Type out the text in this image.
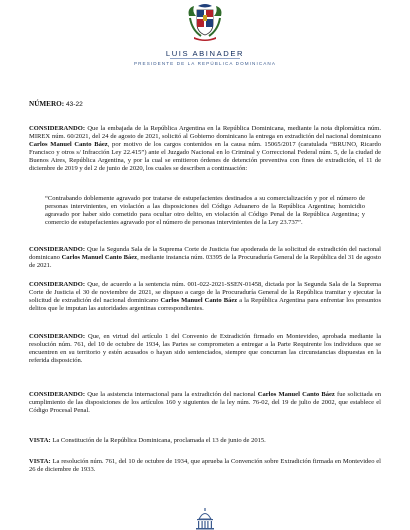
LUIS ABINADER
PRESIDENTE DE LA REPÚBLICA DOMINICANA
NÚMERO: 43-22

CONSIDERANDO: Que la embajada de la República Argentina en la República Dominicana, mediante la nota diplomática núm. MIREX núm. 60/2021, del 24 de agosto de 2021, solicitó al Gobierno dominicano la entrega en extradición del nacional dominicano Carlos Manuel Canto Báez, por motivo de los cargos contenidos en la causa núm. 15065/2017 (caratulada “BRUNO, Ricardo Francisco y otros s/ Infracción Ley 22.415”) ante el Juzgado Nacional en lo Criminal y Correccional Federal núm. 5, de la ciudad de Buenos Aires, República Argentina, y por la cual se emitieron órdenes de detención preventiva con fines de extradición, el 11 de diciembre de 2019 y del 2 de junio de 2020, los cuales se describen a continuación:

“Contrabando doblemente agravado por tratarse de estupefacientes destinados a su comercialización y por el número de personas intervinientes, en violación a las disposiciones del Código Aduanero de la República Argentina; homicidio agravado por haber sido cometido para ocultar otro delito, en violación al Código Penal de la República Argentina; y comercio de estupefacientes agravado por el número de personas intervinientes de la Ley 23.737”.

CONSIDERANDO: Que la Segunda Sala de la Suprema Corte de Justicia fue apoderada de la solicitud de extradición del nacional dominicano Carlos Manuel Canto Báez, mediante instancia núm. 03395 de la Procuraduría General de la República del 31 de agosto de 2021.

CONSIDERANDO: Que, de acuerdo a la sentencia núm. 001-022-2021-SSEN-01458, dictada por la Segunda Sala de la Suprema Corte de Justicia el 30 de noviembre de 2021, se dispuso a cargo de la Procuraduría General de la República tramitar y ejecutar la solicitud de extradición del nacional dominicano Carlos Manuel Canto Báez a la República Argentina para enfrentar los presuntos delitos que le imputan las autoridades argentinas correspondientes.

CONSIDERANDO: Que, en virtud del artículo 1 del Convenio de Extradición firmado en Montevideo, aprobada mediante la resolución núm. 761, del 10 de octubre de 1934, las Partes se comprometen a entregar a la Parte Requirente los individuos que se encuentren en su territorio y estén acusados o hayan sido sentenciados, siempre que concurran las circunstancias dispuestas en la referida disposición.

CONSIDERANDO: Que la asistencia internacional para la extradición del nacional Carlos Manuel Canto Báez fue solicitada en cumplimiento de las disposiciones de los artículos 160 y siguientes de la ley núm. 76-02, del 19 de julio de 2002, que establece el Código Procesal Penal.

VISTA: La Constitución de la República Dominicana, proclamada el 13 de junio de 2015.

VISTA: La resolución núm. 761, del 10 de octubre de 1934, que aprueba la Convención sobre Extradición firmada en Montevideo el 26 de diciembre de 1933.
